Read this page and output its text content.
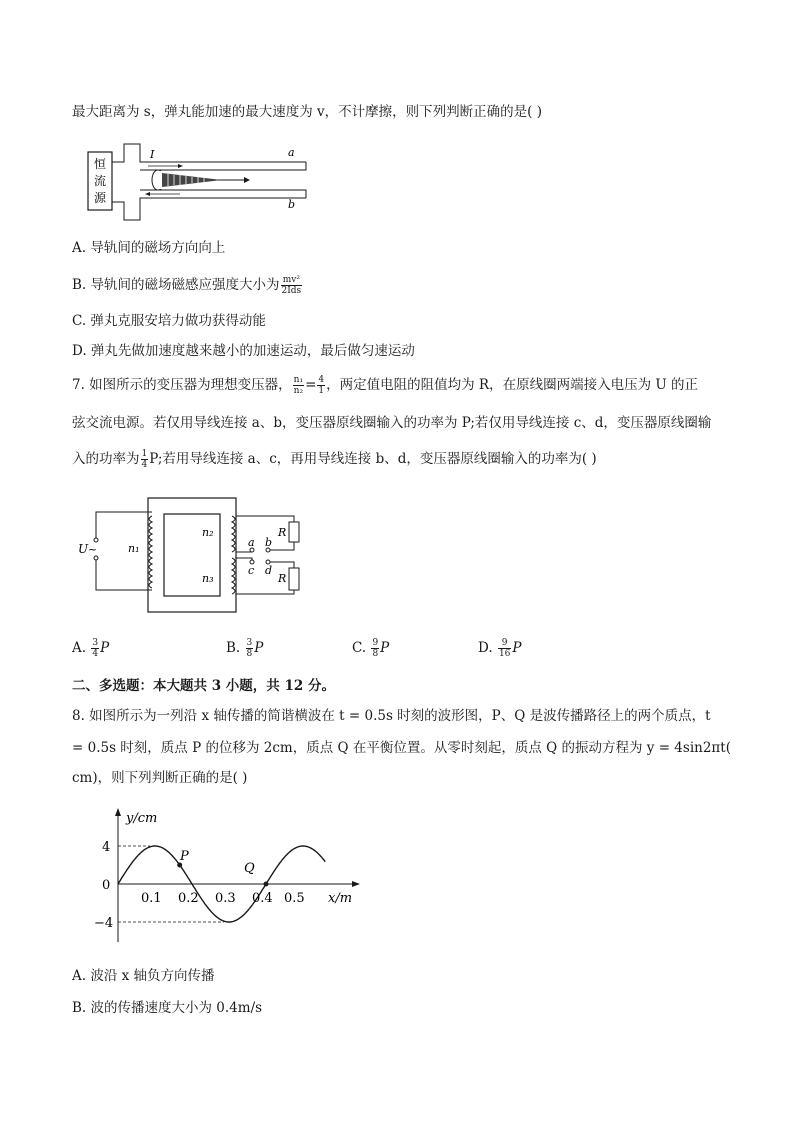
最大距离为 s，弹丸能加速的最大速度为 v，不计摩擦，则下列判断正确的是( )
恒
流
源
I	a
b
A. 导轨间的磁场方向向上
B. 导轨间的磁场磁感应强度大小为 $\frac{\text{mv²}}{\text{2Ids}}$
C. 弹丸克服安培力做功获得动能
D. 弹丸先做加速度越来越小的加速运动，最后做匀速运动
7. 如图所示的变压器为理想变压器， $\frac{\text{n₁}}{\text{n₂}} = \frac{4}{1}$ ，两定值电阻的阻值均为 R，在原线圈两端接入电压为 U 的正
弦交流电源。若仅用导线连接 a、b，变压器原线圈输入的功率为 P;若仅用导线连接 c、d，变压器原线圈输
入的功率为 $\frac{1}{4} P$;若用导线连接 a、c，再用导线连接 b、d，变压器原线圈输入的功率为( )
U ~	n₁
n₂
n₃
a
c
b
d
R
R
A. $\frac{3}{4}$ P	B. $\frac{3}{8}$ P	C. $\frac{9}{8}$ P	D. $\frac{9}{16}$ P
二、多选题：本大题共 3 小题，共 12 分。
8. 如图所示为一列沿 x 轴传播的简谐横波在 t = 0.5s 时刻的波形图，P、Q 是波传播路径上的两个质点，t
= 0.5s 时刻，质点 P 的位移为 2cm，质点 Q 在平衡位置。从零时刻起，质点 Q 的振动方程为 y = 4sin2πt(
cm)，则下列判断正确的是( )
y/cm
x/m
4
0
−4
0.1 0.2 0.3 0.4 0.5
P
Q
A. 波沿 x 轴负方向传播
B. 波的传播速度大小为 0.4m/s
